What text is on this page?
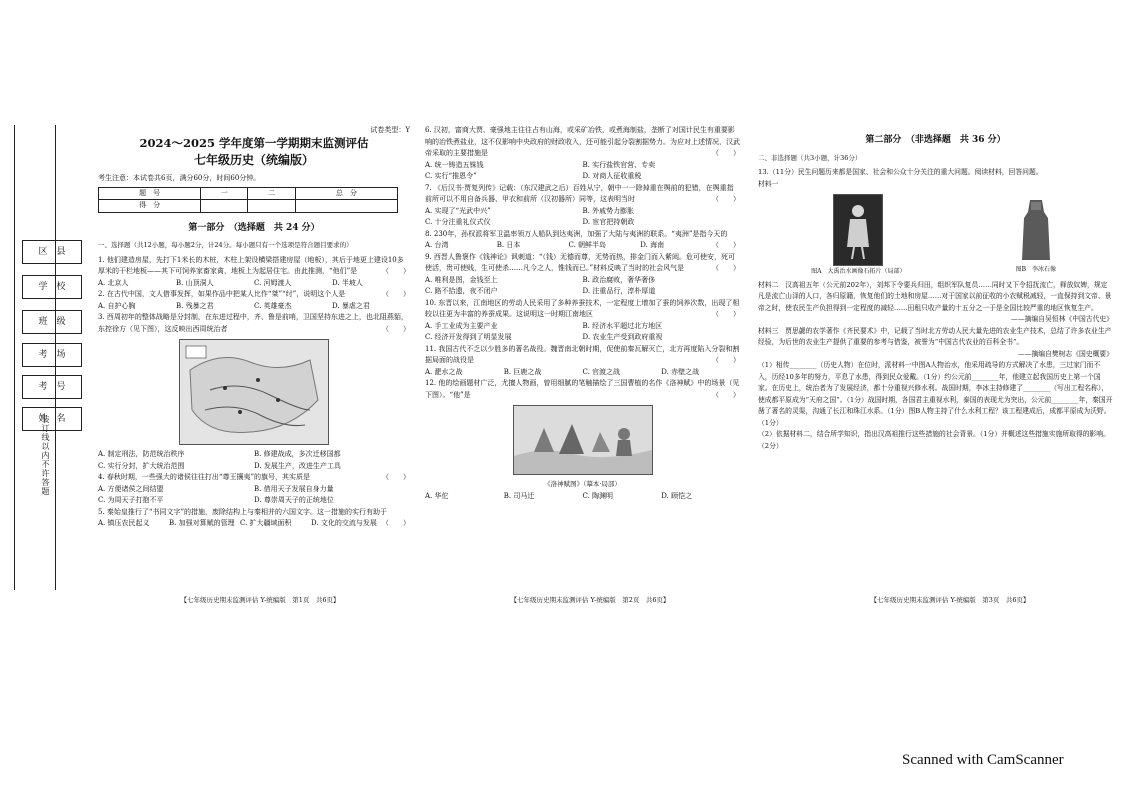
区　县
学　校
班　级
考　场
考　号
姓　名
装订线以内不许答题
试卷类型：Y
2024～2025 学年度第一学期期末监测评估
七年级历史（统编版）
考生注意：本试卷共6页，满分60分，时间60分钟。
题　号	一	二	总　分
得　分			
第一部分　（选择题　共 24 分）
一、选择题（共12小题，每小题2分，计24分。每小题只有一个选项是符合题目要求的）
1. 他们建造房屋，先打下1米长的木桩，木柱上架设横梁搭建房屋（地板），其后于地更上建设10多厚米的干栏地板——其下可饲养家畜家禽，地板上为起居住宅。由此推测，“他们”是	（　　）
A. 北京人	B. 山顶洞人	C. 河姆渡人	D. 半坡人
2. 在古代中国，文人借事发挥，如果作品中把某人比作“桀”“纣”，说明这个人是	（　　）
A. 自护心胸	B. 残暴之君	C. 英雄豪杰	D. 暴虐之君
3. 西周初年的整体战略是分封制，在东进过程中，齐、鲁是前哨，卫国坚持东进之上，也北阻燕貊，东控徐方（见下图），这反映出西周统治者	（　　）
A. 制定刑法，防范统治秩序	B. 修建战成，多次迁移国都
C. 实行分封，扩大统治范围	D. 发展生产，改进生产工具
4. 春秋时期，一些强大的诸侯往往打出“尊王攘夷”的旗号，其实质是	（　　）
A. 方便诸侯之间结盟	B. 借用天子发展自身力量
C. 为周天子打抱不平	D. 尊崇周天子的正统地位
5. 秦始皇推行了“书同文字”的措施，废除结构上与秦相并的六国文字。这一措施的实行有助于
（　　）
A. 镇压农民起义	B. 加强对算赋的管理 C. 扩大疆域面积	D. 文化的交流与发展
【七年级历史期末监测评估 Y-统编版　第1页　共6页】
6. 汉初，富商大贾、豪强地主往往占有山海，或采矿冶铁，或煮海制盐，垄断了对国计民生有重要影响的冶铁煮盐业，这不仅影响中央政府的财政收入，还可能引起分裂割据势力。为应对上述情况，汉武帝采取的主要措施是	（　　）
A. 统一铸造五铢钱	B. 实行盐铁官营、专卖
C. 实行“推恩令”	D. 对商人征收重税
7. 《后汉书·贾复列传》记载：（东汉建武之后）百姓从宁，朝中一一除掉重在舆前的犯错，在舆重指前所可以不用自备兵器、甲衣和前所（汉初器所）同等，这表明当时	（　　）
A. 实现了“光武中兴”	B. 外戚势力膨胀
C. 十分注重礼仪式仪	D. 宦官把持朝政
8. 230年，孙权派将军卫温率领万人船队到达夷洲，加强了大陆与夷洲的联系。“夷洲”是指今天的
（　　）
A. 台湾	B. 日本	C. 朝鲜半岛	D. 海南
9. 西晋人鲁褒作《钱神论》讽刺道：“（钱）无德而尊，无势而热，排金门而入紫闼。危可使安，死可使活，贵可使贱，生可使杀……凡今之人，惟钱而已。”材料反映了当时的社会风气是	（　　）
A. 唯利是图，金钱至上	B. 政治腐败，奢华奢侈
C. 路不拾遗，夜不闭户	D. 注重品行，淳朴厚道
10. 东晋以来，江南地区的劳动人民采用了多种养蚕技术，一定程度上增加了蚕的饲养次数，出现了相较以往更为丰富的养蚕成果。这说明这一时期江南地区	（　　）
A. 手工业成为主要产业	B. 经济水平超过北方地区
C. 经济开发得到了明显发展	D. 农业生产受到政府重视
11. 我国古代不乏以少胜多的著名战役。魏晋南北朝时期，促使前秦瓦解灭亡，北方再度陷入分裂和割据局面的战役是	（　　）
A. 淝水之战	B. 巨鹿之战	C. 官渡之战	D. 赤壁之战
12. 他的绘画题材广泛，尤擅人物画，曾用细腻的笔触描绘了三国曹植的名作《洛神赋》中的场景（见下图）。“他”是	（　　）
《洛神赋图》（摹本·局部）
A. 华佗	B. 司马迁	C. 陶渊明	D. 顾恺之
【七年级历史期末监测评估 Y-统编版　第2页　共6页】
第二部分　（非选择题　共 36 分）
二、非选择题（共3小题，计36分）
13.（11分）民生问题历来都是国家、社会和公众十分关注的重大问题。阅读材料，回答问题。
材料一
图A　大禹治水画像石拓片（局部）	图B　李冰石像
材料二　汉高祖五年（公元前202年），刘邦下令要兵归田，组织军队复员……同时又下令招抚流亡，释放奴婢，规定凡是流亡山泽的人口，各归原籍，恢复他们的土地和房屋……对于国家以前征收的小农赋税减轻，一直保持到文帝、景帝之时，使农民生产负担得到一定程度的减轻……田租只收产量的十五分之一于是全国比较严重的地区恢复生产。
——摘编自吴恒林《中国古代史》
材料三　贾思勰的农学著作《齐民要术》中，记载了当时北方劳动人民大量先进的农业生产技术，总结了许多农业生产经验，为后世的农业生产提供了重要的参考与借鉴，被誉为“中国古代农业的百科全书”。
——摘编自樊树志《国史概要》
（1）相传________（历史人物）在位时，派材料一中图A人物治水，他采用疏导的方式解决了水患，三过家门而不入，历经10多年的努力，平息了水患，得到民众爱戴。（1分）约公元前________年，他建立起我国历史上第一个国家。在历史上，统治者为了发展经济，都十分重视兴修水利。战国时期，李冰主持修建了________（写出工程名称），使成都平原成为“天府之国”。（1分）战国时期，各国君主重视水利，泰国的表现尤为突出，公元前________年，秦国开凿了著名的灵渠，沟通了长江和珠江水系。（1分）图B人物主持了什么水利工程？该工程建成后，成都平原成为沃野。（1分）
（2）依据材料二，结合所学知识，指出汉高祖推行这些措施的社会背景。（1分）并概述这些措施实施所取得的影响。（2分）
【七年级历史期末监测评估 Y-统编版　第3页　共6页】
Scanned with CamScanner
